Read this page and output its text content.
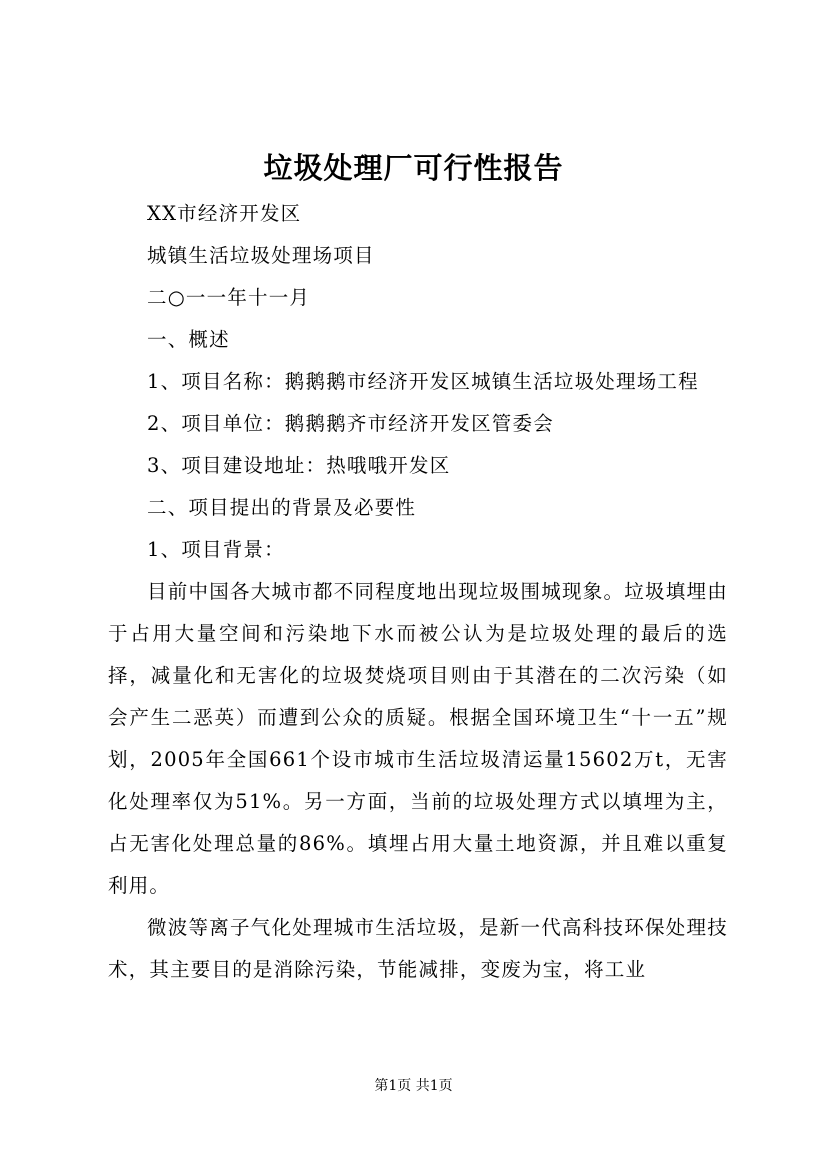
垃圾处理厂可行性报告

XX市经济开发区

城镇生活垃圾处理场项目

二○一一年十一月

一、概述

1、项目名称：鹅鹅鹅市经济开发区城镇生活垃圾处理场工程

2、项目单位：鹅鹅鹅齐市经济开发区管委会

3、项目建设地址：热哦哦开发区

二、项目提出的背景及必要性

1、项目背景：

目前中国各大城市都不同程度地出现垃圾围城现象。垃圾填埋由于占用大量空间和污染地下水而被公认为是垃圾处理的最后的选择，减量化和无害化的垃圾焚烧项目则由于其潜在的二次污染（如会产生二恶英）而遭到公众的质疑。根据全国环境卫生“十一五”规划，2005年全国661个设市城市生活垃圾清运量15602万t，无害化处理率仅为51%。另一方面，当前的垃圾处理方式以填埋为主，占无害化处理总量的86%。填埋占用大量土地资源，并且难以重复利用。

微波等离子气化处理城市生活垃圾，是新一代高科技环保处理技术，其主要目的是消除污染，节能减排，变废为宝，将工业

第1页 共1页
